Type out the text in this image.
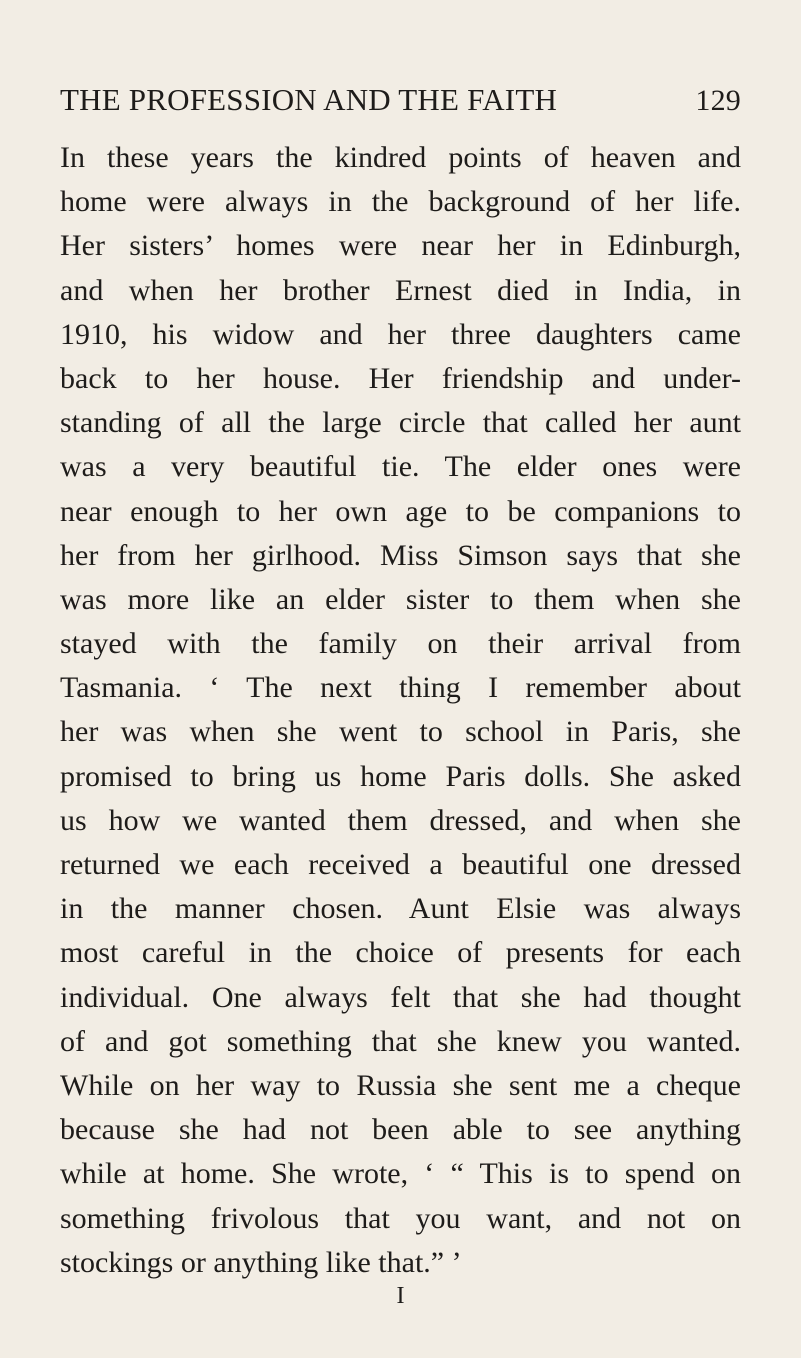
THE PROFESSION AND THE FAITH	129
In these years the kindred points of heaven and
home were always in the background of her life.
Her sisters’ homes were near her in Edinburgh,
and when her brother Ernest died in India, in
1910, his widow and her three daughters came
back to her house. Her friendship and under-
standing of all the large circle that called her aunt
was a very beautiful tie. The elder ones were
near enough to her own age to be companions to
her from her girlhood. Miss Simson says that she
was more like an elder sister to them when she
stayed with the family on their arrival from
Tasmania. ‘ The next thing I remember about
her was when she went to school in Paris, she
promised to bring us home Paris dolls. She asked
us how we wanted them dressed, and when she
returned we each received a beautiful one dressed
in the manner chosen. Aunt Elsie was always
most careful in the choice of presents for each
individual. One always felt that she had thought
of and got something that she knew you wanted.
While on her way to Russia she sent me a cheque
because she had not been able to see anything
while at home. She wrote, ‘ “ This is to spend on
something frivolous that you want, and not on
stockings or anything like that.” ’
I
